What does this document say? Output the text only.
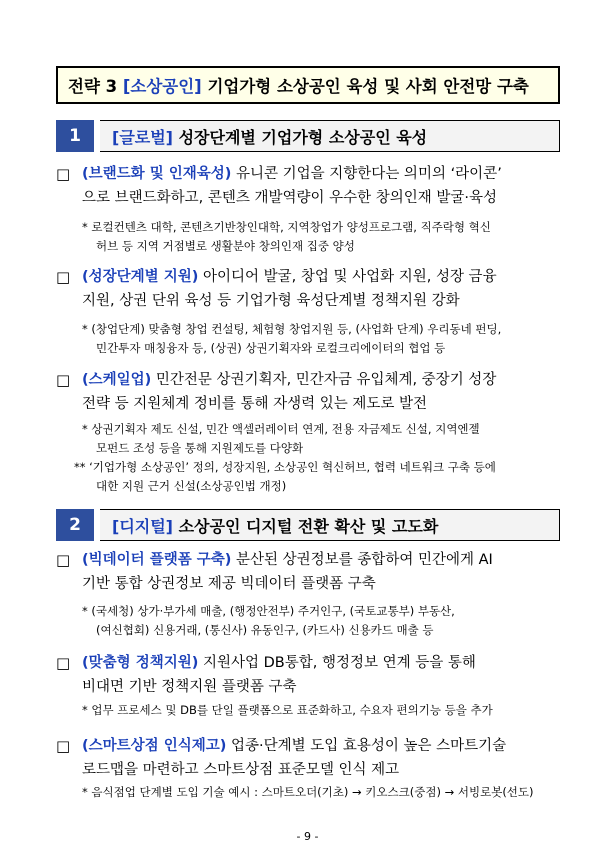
전략 3
[소상공인]
기업가형 소상공인 육성 및 사회 안전망 구축
1	[글로벌]
성장단계별 기업가형 소상공인 육성
□ (브랜드화 및 인재육성) 유니콘 기업을 지향한다는 의미의 ‘라이콘’
으로 브랜드화하고, 콘텐츠 개발역량이 우수한 창의인재 발굴·육성
* 로컬컨텐츠 대학, 콘텐츠기반창인대학, 지역창업가 양성프로그램, 직주락형 혁신
허브 등 지역 거점별로 생활분야 창의인재 집중 양성
□ (성장단계별 지원) 아이디어 발굴, 창업 및 사업화 지원, 성장 금융
지원, 상권 단위 육성 등 기업가형 육성단계별 정책지원 강화
* (창업단계) 맞춤형 창업 컨설팅, 체험형 창업지원 등, (사업화 단계) 우리동네 펀딩,
민간투자 매칭융자 등, (상권) 상권기획자와 로컬크리에이터의 협업 등
□ (스케일업) 민간전문 상권기획자, 민간자금 유입체계, 중장기 성장
전략 등 지원체계 정비를 통해 자생력 있는 제도로 발전
* 상권기획자 제도 신설, 민간 액셀러레이터 연계, 전용 자금제도 신설, 지역엔젤
모펀드 조성 등을 통해 지원제도를 다양화
** ‘기업가형 소상공인’ 정의, 성장지원, 소상공인 혁신허브, 협력 네트워크 구축 등에
대한 지원 근거 신설(소상공인법 개정)
2	[디지털]
소상공인 디지털 전환 확산 및 고도화
□ (빅데이터 플랫폼 구축) 분산된 상권정보를 종합하여 민간에게 AI
기반 통합 상권정보 제공 빅데이터 플랫폼 구축
* (국세청) 상가·부가세 매출, (행정안전부) 주거인구, (국토교통부) 부동산,
(여신협회) 신용거래, (통신사) 유동인구, (카드사) 신용카드 매출 등
□ (맞춤형 정책지원) 지원사업 DB통합, 행정정보 연계 등을 통해
비대면 기반 정책지원 플랫폼 구축
* 업무 프로세스 및 DB를 단일 플랫폼으로 표준화하고, 수요자 편의기능 등을 추가
□ (스마트상점 인식제고) 업종·단계별 도입 효용성이 높은 스마트기술
로드맵을 마련하고 스마트상점 표준모델 인식 제고
* 음식점업 단계별 도입 기술 예시 : 스마트오더(기초) → 키오스크(중점) → 서빙로봇(선도)
- 9 -
